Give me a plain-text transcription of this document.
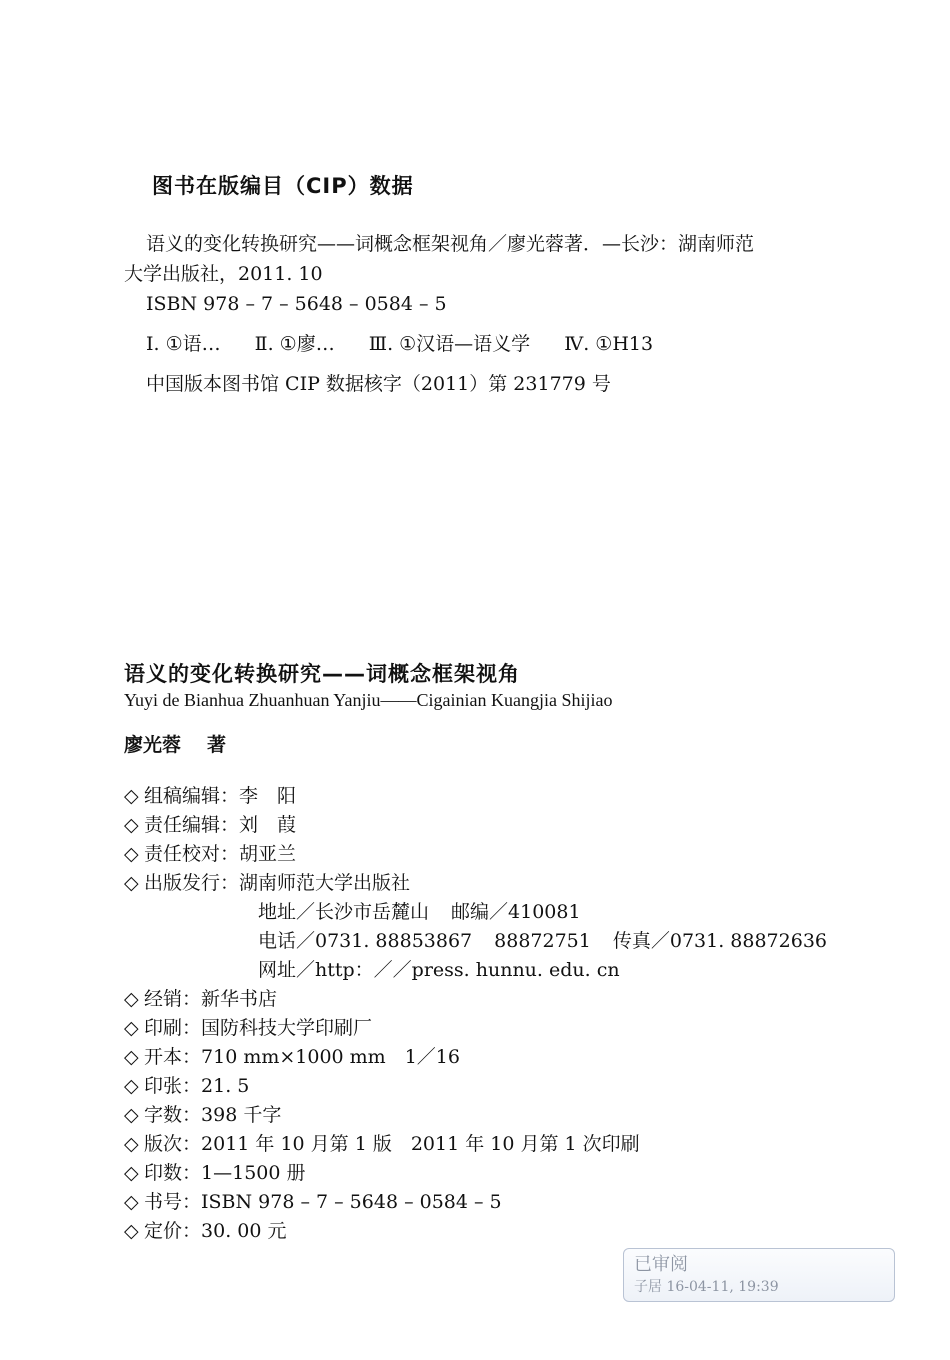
图书在版编目（CIP）数据
语义的变化转换研究——词概念框架视角／廖光蓉著．—长沙：湖南师范
大学出版社，2011. 10
ISBN 978 – 7 – 5648 – 0584 – 5
Ⅰ. ①语… Ⅱ. ①廖… Ⅲ. ①汉语—语义学 Ⅳ. ①H13
中国版本图书馆 CIP 数据核字（2011）第 231779 号
语义的变化转换研究——词概念框架视角
Yuyi de Bianhua Zhuanhuan Yanjiu——Cigainian Kuangjia Shijiao
廖光蓉 著
◇ 组稿编辑：李　阳
◇ 责任编辑：刘　葭
◇ 责任校对：胡亚兰
◇ 出版发行：湖南师范大学出版社
地址／长沙市岳麓山 邮编／410081
电话／0731. 88853867 88872751 传真／0731. 88872636
网址／http：／／press. hunnu. edu. cn
◇ 经销：新华书店
◇ 印刷：国防科技大学印刷厂
◇ 开本：710 mm×1000 mm　1／16
◇ 印张：21. 5
◇ 字数：398 千字
◇ 版次：2011 年 10 月第 1 版　2011 年 10 月第 1 次印刷
◇ 印数：1—1500 册
◇ 书号：ISBN 978 – 7 – 5648 – 0584 – 5
◇ 定价：30. 00 元
已审阅
子居 16-04-11, 19:39
